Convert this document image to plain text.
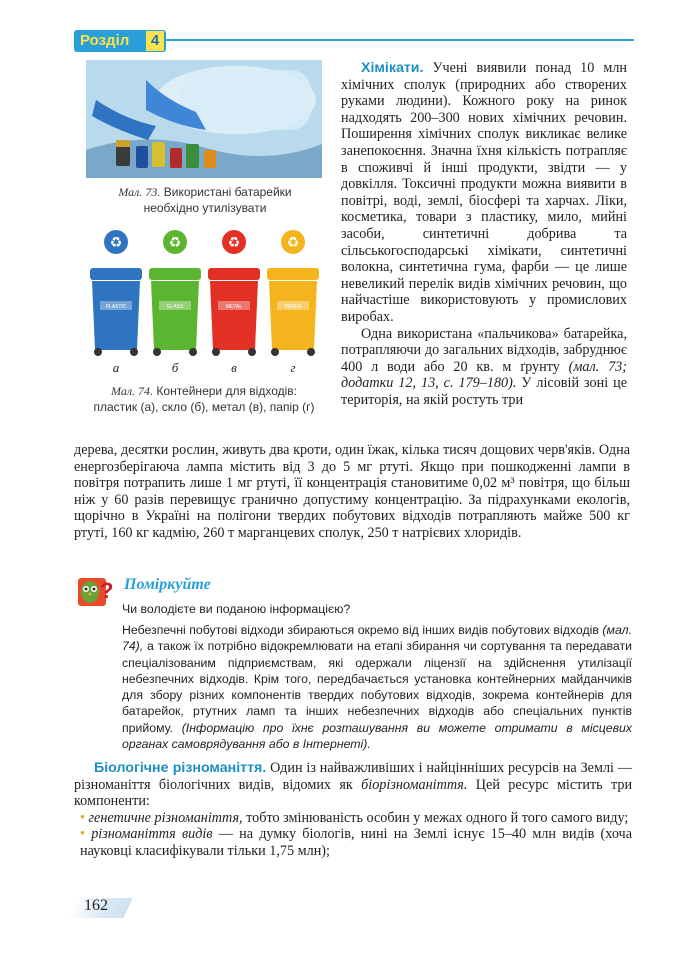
Розділ	4
Мал. 73. Використані батарейки необхідно утилізувати
♻
PLASTIC
а
♻
GLASS
б
♻
METAL
в
♻
PAPER
г
Мал. 74. Контейнери для відходів:
пластик (а), скло (б), метал (в), папір (г)

Хімікати. Учені виявили понад 10 млн хімічних сполук (природних або створених руками людини). Кожного року на ринок надходять 200–300 нових хімічних речовин. Поширення хімічних сполук викликає велике занепокоєння. Значна їхня кількість потрапляє в споживчі й інші продукти, звідти — у довкілля. Токсичні продукти можна виявити в повітрі, воді, землі, біосфері та харчах. Ліки, косметика, товари з пластику, мило, мийні засоби, синтетичні добрива та сільськогосподарські хімікати, синтетичні волокна, синтетична гума, фарби — це лише невеликий перелік видів хімічних речовин, що найчастіше використовують у промислових виробах.

Одна використана «пальчикова» батарейка, потрапляючи до загальних відходів, забруднює 400 л води або 20 кв. м ґрунту (мал. 73; додатки 12, 13, с. 179–180). У лісовій зоні це територія, на якій ростуть три

дерева, десятки рослин, живуть два кроти, один їжак, кілька тисяч дощових черв'яків. Одна енергозберігаюча лампа містить від 3 до 5 мг ртуті. Якщо при пошкодженні лампи в повітря потрапить лише 1 мг ртуті, її концентрація становитиме 0,02 м³ повітря, що більш ніж у 60 разів перевищує гранично допустиму концентрацію. За підрахунками екологів, щорічно в Україні на полігони твердих побутових відходів потрапляють майже 500 кг ртуті, 160 кг кадмію, 260 т марганцевих сполук, 250 т натрієвих хлоридів.
? Поміркуйте
Чи володієте ви поданою інформацією?
Небезпечні побутові відходи збираються окремо від інших видів побутових відходів (мал. 74), а також їх потрібно відокремлювати на етапі збирання чи сортування та передавати спеціалізованим підприємствам, які одержали ліцензії на здійснення утилізації небезпечних відходів. Крім того, передбачається установка контейнерних майданчиків для збору різних компонентів твердих побутових відходів, зокрема контейнерів для батарейок, ртутних ламп та інших небезпечних відходів або спеціальних пунктів прийому. (Інформацію про їхнє розташування ви можете отримати в місцевих органах самоврядування або в Інтернеті).

Біологічне різноманіття. Один із найважливіших і найцінніших ресурсів на Землі — різноманіття біологічних видів, відомих як біорізноманіття. Цей ресурс містить три компоненти:

• генетичне різноманіття, тобто змінюваність особин у межах одного й того самого виду;

• різноманіття видів — на думку біологів, нині на Землі існує 15–40 млн видів (хоча науковці класифікували тільки 1,75 млн);

162
